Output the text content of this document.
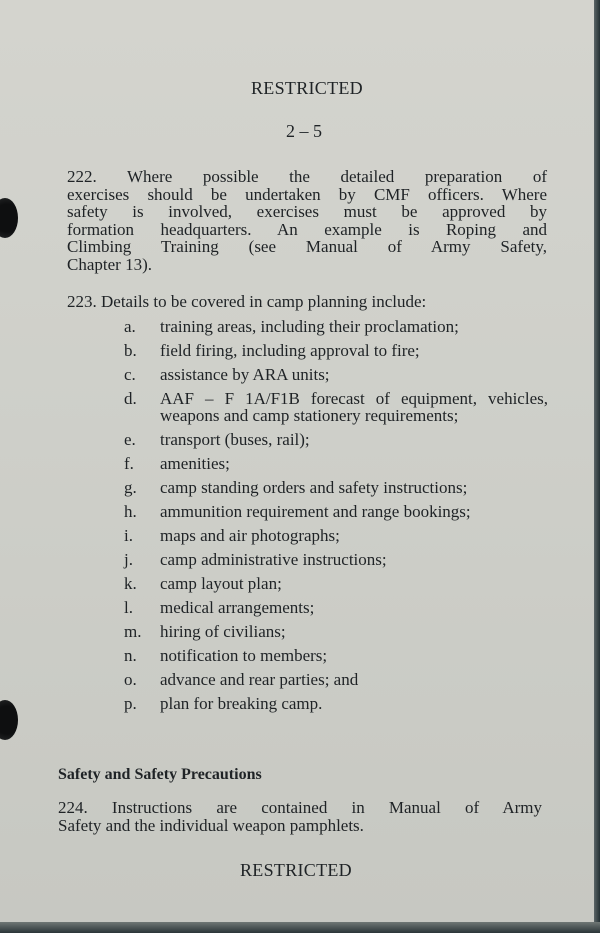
RESTRICTED
2 – 5
222. Where possible the detailed preparation of
exercises should be undertaken by CMF officers. Where
safety is involved, exercises must be approved by
formation headquarters. An example is Roping and
Climbing Training (see Manual of Army Safety,
Chapter 13).
223. Details to be covered in camp planning include:
a. training areas, including their proclamation;
b. field firing, including approval to fire;
c. assistance by ARA units;
d. AAF – F 1A/F1B forecast of equipment, vehicles, weapons and camp stationery requirements;
e. transport (buses, rail);
f. amenities;
g. camp standing orders and safety instructions;
h. ammunition requirement and range bookings;
i. maps and air photographs;
j. camp administrative instructions;
k. camp layout plan;
l. medical arrangements;
m. hiring of civilians;
n. notification to members;
o. advance and rear parties; and
p. plan for breaking camp.
Safety and Safety Precautions
224. Instructions are contained in Manual of Army
Safety and the individual weapon pamphlets.
RESTRICTED
